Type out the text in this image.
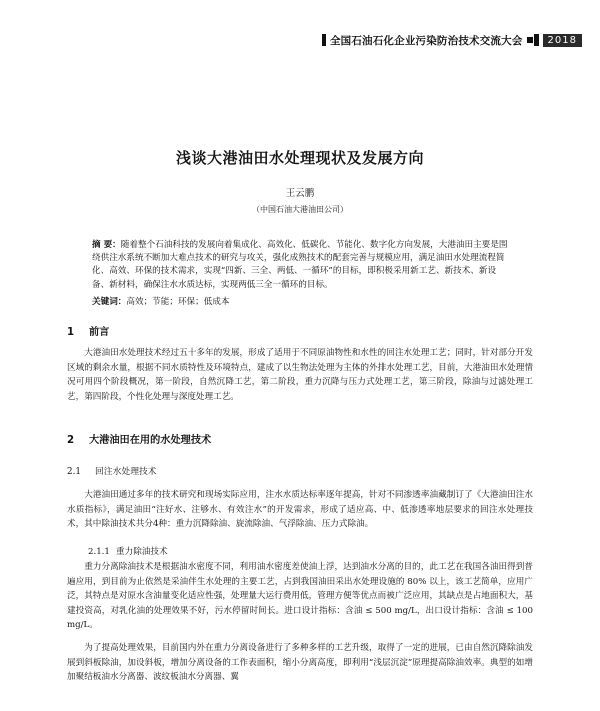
全国石油石化企业污染防治技术交流大会	2018
浅谈大港油田水处理现状及发展方向
王云鹏
（中国石油大港油田公司）
摘 要：随着整个石油科技的发展向着集成化、高效化、低碳化、节能化、数字化方向发展，大港油田主要是围绕供注水系统不断加大难点技术的研究与攻关，强化成熟技术的配套完善与规模应用，满足油田水处理流程简化、高效、环保的技术需求，实现“四新、三全、两低、一循环”的目标，即积极采用新工艺、新技术、新设备、新材料，确保注水水质达标，实现两低三全一循环的目标。
关键词：高效；节能；环保；低成本
1 前言
大港油田水处理技术经过五十多年的发展，形成了适用于不同原油物性和水性的回注水处理工艺；同时，针对部分开发区域的剩余水量，根据不同水质特性及环境特点，建成了以生物法处理为主体的外排水处理工艺，目前，大港油田水处理情况可用四个阶段概况，第一阶段，自然沉降工艺，第二阶段，重力沉降与压力式处理工艺，第三阶段，除油与过滤处理工艺，第四阶段，个性化处理与深度处理工艺。
2 大港油田在用的水处理技术
2.1 回注水处理技术
大港油田通过多年的技术研究和现场实际应用，注水水质达标率逐年提高，针对不同渗透率油藏制订了《大港油田注水水质指标》，满足油田“注好水、注够水、有效注水”的开发需求，形成了适应高、中、低渗透率地层要求的回注水处理技术，其中除油技术共分4种：重力沉降除油、旋流除油、气浮除油、压力式除油。
2.1.1 重力除油技术
重力分离除油技术是根据油水密度不同，利用油水密度差使油上浮，达到油水分离的目的，此工艺在我国各油田得到普遍应用，到目前为止依然是采油伴生水处理的主要工艺，占到我国油田采出水处理设施的 80% 以上，该工艺简单，应用广泛，其特点是对原水含油量变化适应性强，处理量大运行费用低，管理方便等优点而被广泛应用，其缺点是占地面积大，基建投资高，对乳化油的处理效果不好，污水停留时间长。进口设计指标：含油 ≤ 500 mg/L，出口设计指标：含油 ≤ 100 mg/L。
为了提高处理效果，目前国内外在重力分离设备进行了多种多样的工艺升级，取得了一定的进展，已由自然沉降除油发展到斜板除油，加设斜板，增加分离设备的工作表面积，缩小分离高度，即利用“浅层沉淀”原理提高除油效率。典型的如增加聚结板油水分离器、波纹板油水分离器、翼
